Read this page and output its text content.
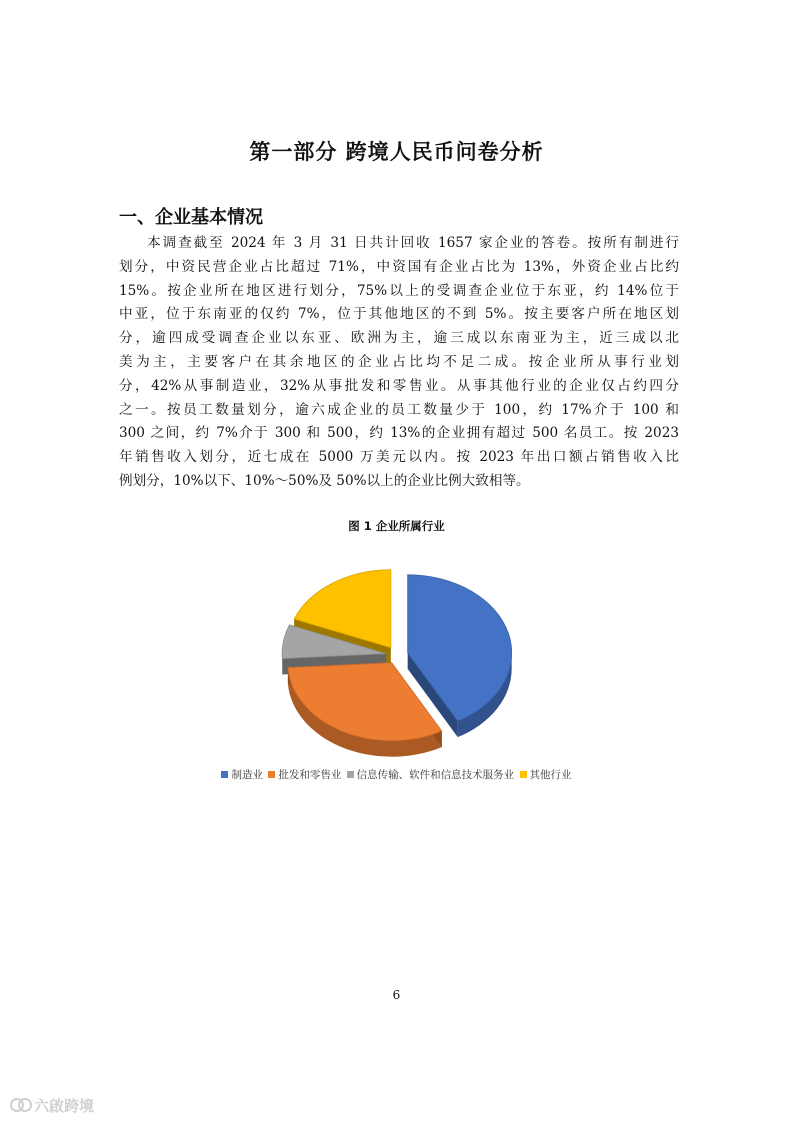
第一部分 跨境人民币问卷分析
一、企业基本情况
本调查截至 2024 年 3 月 31 日共计回收 1657 家企业的答卷。按所有制进行
划分，中资民营企业占比超过 71%，中资国有企业占比为 13%，外资企业占比约
15%。按企业所在地区进行划分，75%以上的受调查企业位于东亚，约 14%位于
中亚，位于东南亚的仅约 7%，位于其他地区的不到 5%。按主要客户所在地区划
分，逾四成受调查企业以东亚、欧洲为主，逾三成以东南亚为主，近三成以北
美为主，主要客户在其余地区的企业占比均不足二成。按企业所从事行业划
分，42%从事制造业，32%从事批发和零售业。从事其他行业的企业仅占约四分
之一。按员工数量划分，逾六成企业的员工数量少于 100，约 17%介于 100 和
300 之间，约 7%介于 300 和 500，约 13%的企业拥有超过 500 名员工。按 2023
年销售收入划分，近七成在 5000 万美元以内。按 2023 年出口额占销售收入比
例划分，10%以下、10%～50%及 50%以上的企业比例大致相等。
图 1 企业所属行业
制造业 批发和零售业 信息传输、软件和信息技术服务业 其他行业
6
六啟跨境
